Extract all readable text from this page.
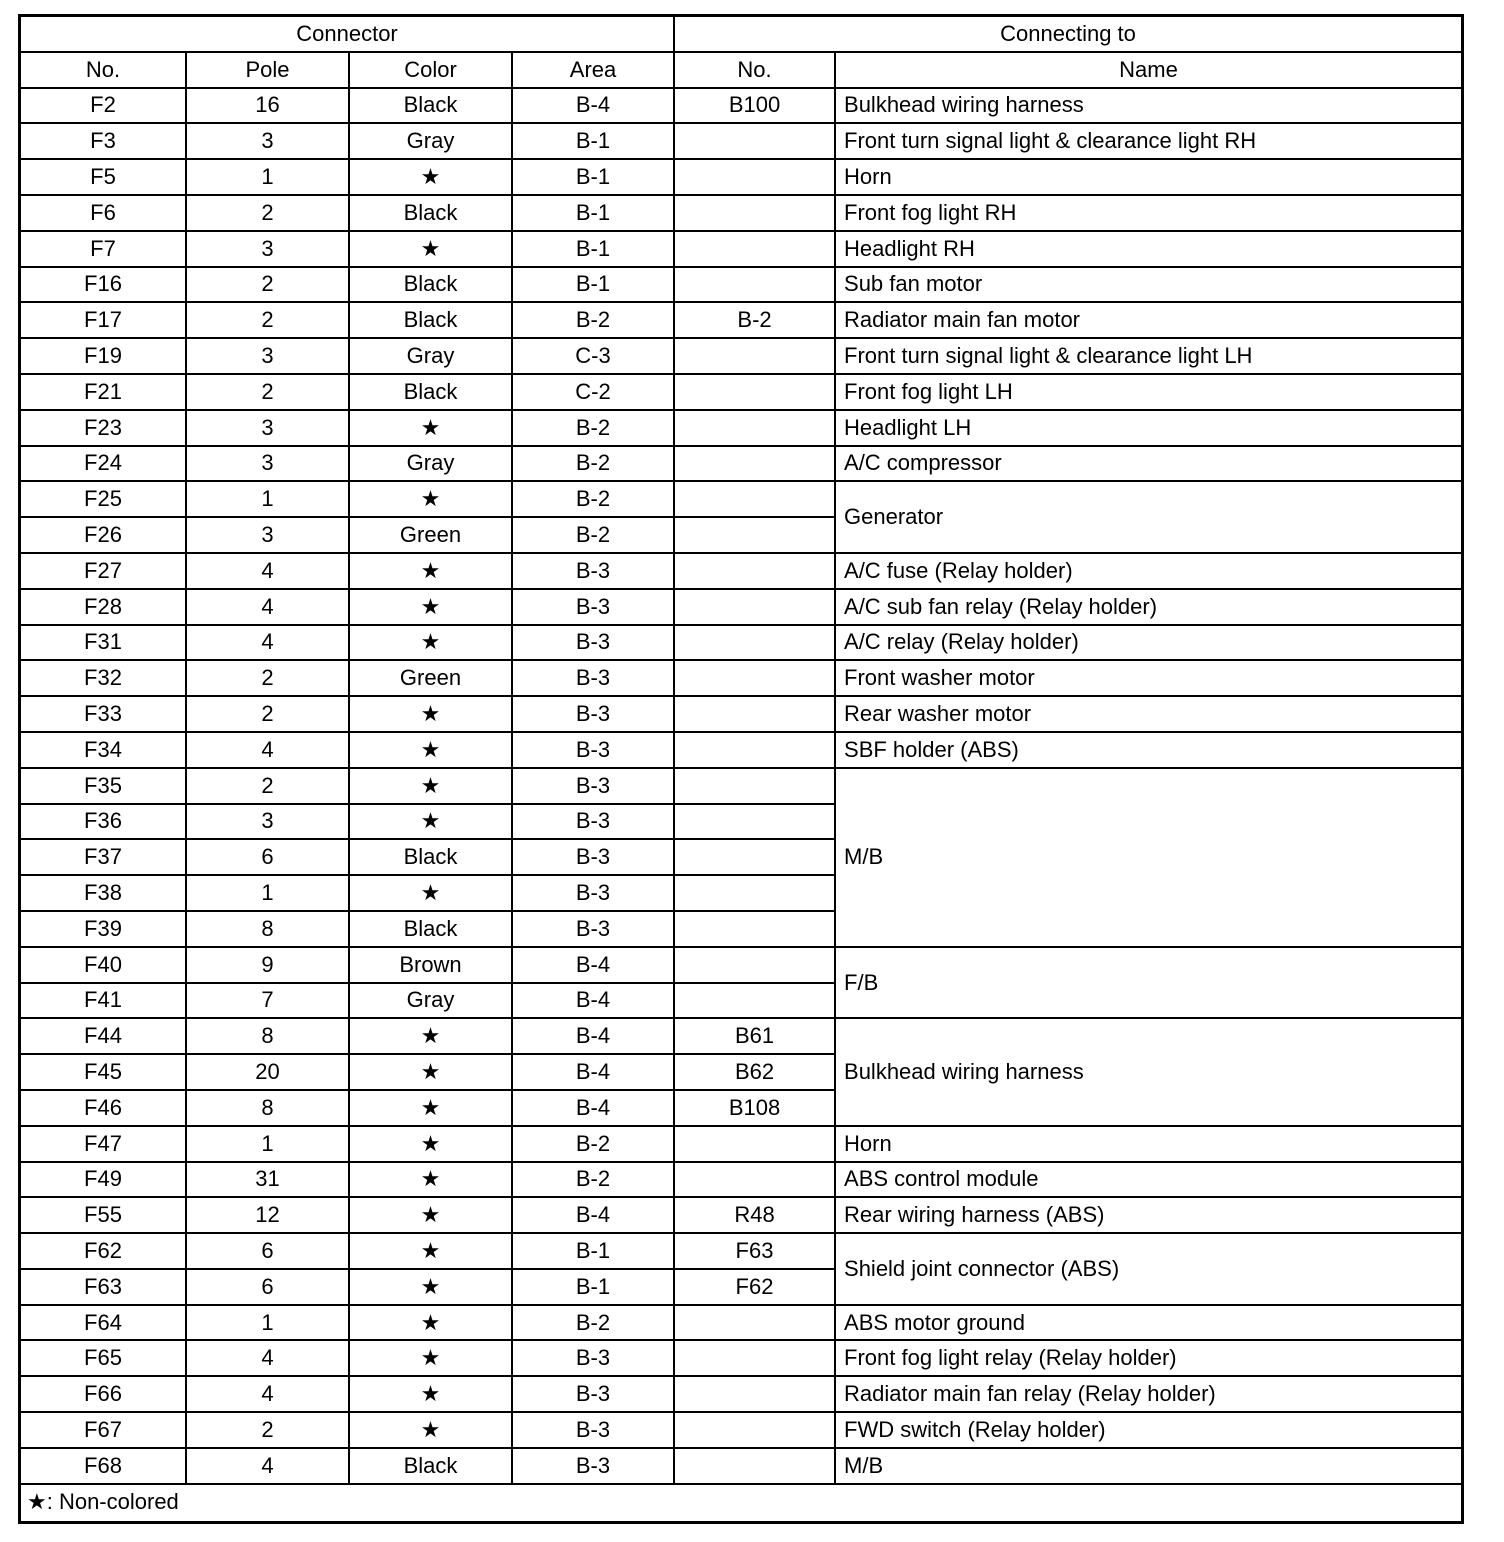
Connector				Connecting to	
No.	Pole	Color	Area	No.	Name
F2	16	Black	B-4	B100	Bulkhead wiring harness
F3	3	Gray	B-1		Front turn signal light & clearance light RH
F5	1	★	B-1		Horn
F6	2	Black	B-1		Front fog light RH
F7	3	★	B-1		Headlight RH
F16	2	Black	B-1		Sub fan motor
F17	2	Black	B-2	B-2	Radiator main fan motor
F19	3	Gray	C-3		Front turn signal light & clearance light LH
F21	2	Black	C-2		Front fog light LH
F23	3	★	B-2		Headlight LH
F24	3	Gray	B-2		A/C compressor
F25	1	★	B-2		Generator
F26	3	Green	B-2		
F27	4	★	B-3		A/C fuse (Relay holder)
F28	4	★	B-3		A/C sub fan relay (Relay holder)
F31	4	★	B-3		A/C relay (Relay holder)
F32	2	Green	B-3		Front washer motor
F33	2	★	B-3		Rear washer motor
F34	4	★	B-3		SBF holder (ABS)
F35	2	★	B-3		M/B
F36	3	★	B-3		
F37	6	Black	B-3		
F38	1	★	B-3		
F39	8	Black	B-3		
F40	9	Brown	B-4		F/B
F41	7	Gray	B-4		
F44	8	★	B-4	B61	Bulkhead wiring harness
F45	20	★	B-4	B62	
F46	8	★	B-4	B108	
F47	1	★	B-2		Horn
F49	31	★	B-2		ABS control module
F55	12	★	B-4	R48	Rear wiring harness (ABS)
F62	6	★	B-1	F63	Shield joint connector (ABS)
F63	6	★	B-1	F62	
F64	1	★	B-2		ABS motor ground
F65	4	★	B-3		Front fog light relay (Relay holder)
F66	4	★	B-3		Radiator main fan relay (Relay holder)
F67	2	★	B-3		FWD switch (Relay holder)
F68	4	Black	B-3		M/B
★: Non-colored
